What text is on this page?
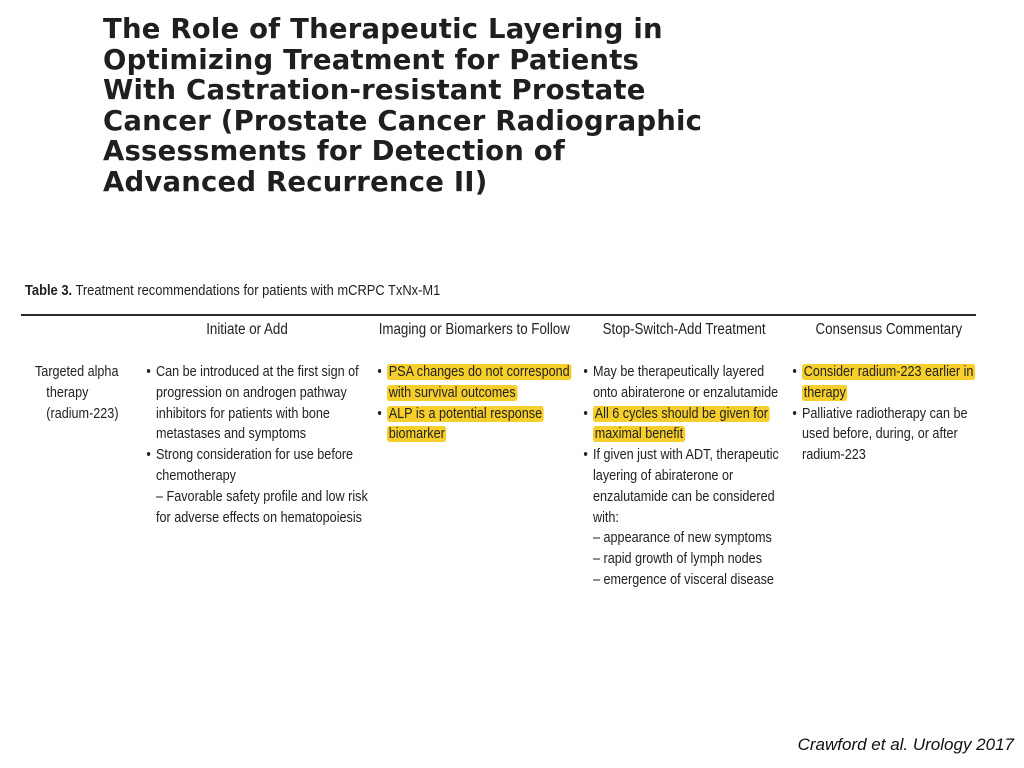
The Role of Therapeutic Layering in
Optimizing Treatment for Patients
With Castration-resistant Prostate
Cancer (Prostate Cancer Radiographic
Assessments for Detection of
Advanced Recurrence II)
Table 3. Treatment recommendations for patients with mCRPC TxNx-M1
Initiate or Add	Imaging or Biomarkers to Follow Stop-Switch-Add Treatment	Consensus Commentary
Targeted alpha
therapy
(radium-223)
• Can be introduced at the first sign of
progression on androgen pathway
inhibitors for patients with bone
metastases and symptoms
• Strong consideration for use before
chemotherapy
– Favorable safety profile and low risk
for adverse effects on hematopoiesis
• PSA changes do not correspond
with survival outcomes
• ALP is a potential response
biomarker
• May be therapeutically layered
onto abiraterone or enzalutamide
• All 6 cycles should be given for
maximal benefit
• If given just with ADT, therapeutic
layering of abiraterone or
enzalutamide can be considered
with:
– appearance of new symptoms
– rapid growth of lymph nodes
– emergence of visceral disease
• Consider radium-223 earlier in
therapy
• Palliative radiotherapy can be
used before, during, or after
radium-223
Crawford et al. Urology 2017
